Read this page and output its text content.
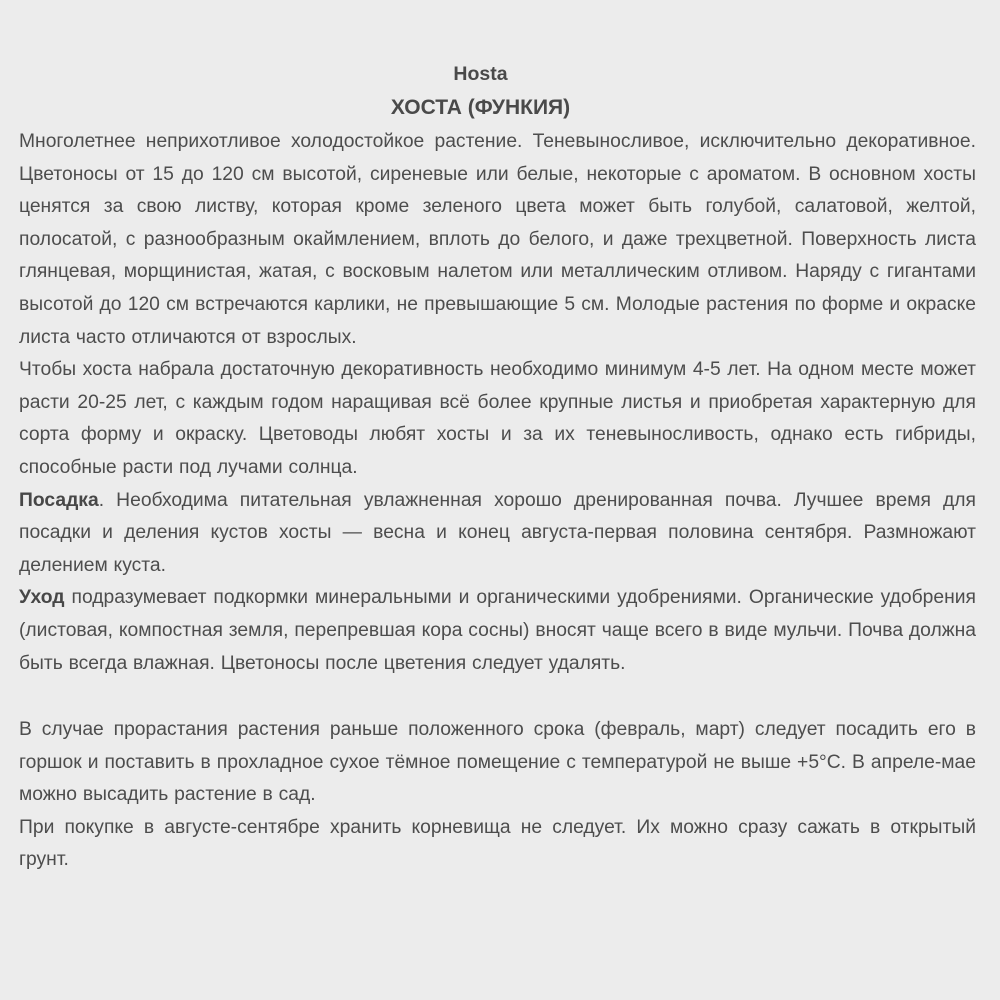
Hosta
ХОСТА (ФУНКИЯ)

Многолетнее неприхотливое холодостойкое растение. Теневыносливое, исключительно декоративное. Цветоносы от 15 до 120 см высотой, сиреневые или белые, некоторые с ароматом. В основном хосты ценятся за свою листву, которая кроме зеленого цвета может быть голубой, салатовой, желтой, полосатой, с разнообразным окаймлением, вплоть до белого, и даже трехцветной. Поверхность листа глянцевая, морщинистая, жатая, с восковым налетом или металлическим отливом. Наряду с гигантами высотой до 120 см встречаются карлики, не превышающие 5 см. Молодые растения по форме и окраске листа часто отличаются от взрослых.

Чтобы хоста набрала достаточную декоративность необходимо минимум 4-5 лет. На одном месте может расти 20-25 лет, с каждым годом наращивая всё более крупные листья и приобретая характерную для сорта форму и окраску. Цветоводы любят хосты и за их теневыносливость, однако есть гибриды, способные расти под лучами солнца.

Посадка. Необходима питательная увлажненная хорошо дренированная почва. Лучшее время для посадки и деления кустов хосты — весна и конец августа-первая половина сентября. Размножают делением куста.

Уход подразумевает подкормки минеральными и органическими удобрениями. Органические удобрения (листовая, компостная земля, перепревшая кора сосны) вносят чаще всего в виде мульчи. Почва должна быть всегда влажная. Цветоносы после цветения следует удалять.

В случае прорастания растения раньше положенного срока (февраль, март) следует посадить его в горшок и поставить в прохладное сухое тёмное помещение с температурой не выше +5°C. В апреле-мае можно высадить растение в сад.

При покупке в августе-сентябре хранить корневища не следует. Их можно сразу сажать в открытый грунт.
